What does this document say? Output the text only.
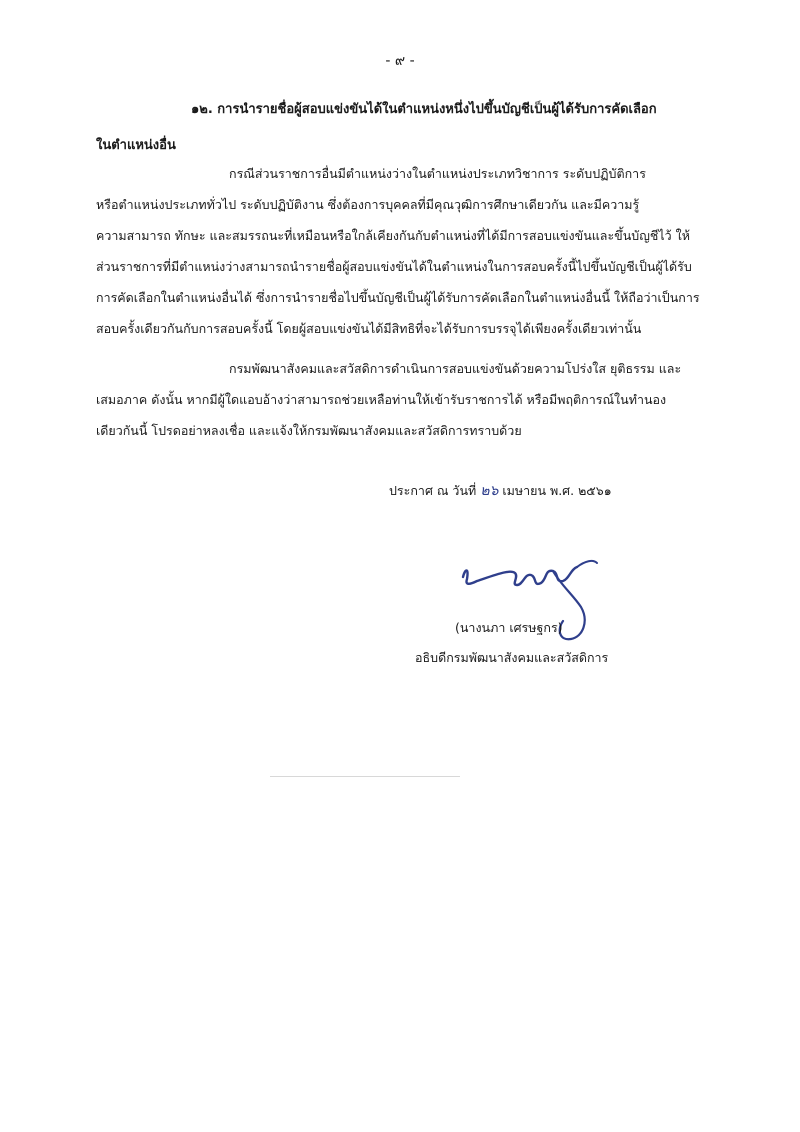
- ๙ -
๑๒. การนำรายชื่อผู้สอบแข่งขันได้ในตำแหน่งหนึ่งไปขึ้นบัญชีเป็นผู้ได้รับการคัดเลือก
ในตำแหน่งอื่น
กรณีส่วนราชการอื่นมีตำแหน่งว่างในตำแหน่งประเภทวิชาการ ระดับปฏิบัติการ
หรือตำแหน่งประเภททั่วไป ระดับปฏิบัติงาน ซึ่งต้องการบุคคลที่มีคุณวุฒิการศึกษาเดียวกัน และมีความรู้
ความสามารถ ทักษะ และสมรรถนะที่เหมือนหรือใกล้เคียงกันกับตำแหน่งที่ได้มีการสอบแข่งขันและขึ้นบัญชีไว้ ให้
ส่วนราชการที่มีตำแหน่งว่างสามารถนำรายชื่อผู้สอบแข่งขันได้ในตำแหน่งในการสอบครั้งนี้ไปขึ้นบัญชีเป็นผู้ได้รับ
การคัดเลือกในตำแหน่งอื่นได้ ซึ่งการนำรายชื่อไปขึ้นบัญชีเป็นผู้ได้รับการคัดเลือกในตำแหน่งอื่นนี้ ให้ถือว่าเป็นการ
สอบครั้งเดียวกันกับการสอบครั้งนี้ โดยผู้สอบแข่งขันได้มีสิทธิที่จะได้รับการบรรจุได้เพียงครั้งเดียวเท่านั้น
กรมพัฒนาสังคมและสวัสดิการดำเนินการสอบแข่งขันด้วยความโปร่งใส ยุติธรรม และ
เสมอภาค ดังนั้น หากมีผู้ใดแอบอ้างว่าสามารถช่วยเหลือท่านให้เข้ารับราชการได้ หรือมีพฤติการณ์ในทำนอง
เดียวกันนี้ โปรดอย่าหลงเชื่อ และแจ้งให้กรมพัฒนาสังคมและสวัสดิการทราบด้วย
ประกาศ ณ วันที่ ๒๖ เมษายน พ.ศ. ๒๕๖๑
(นางนภา เศรษฐกร)
อธิบดีกรมพัฒนาสังคมและสวัสดิการ
